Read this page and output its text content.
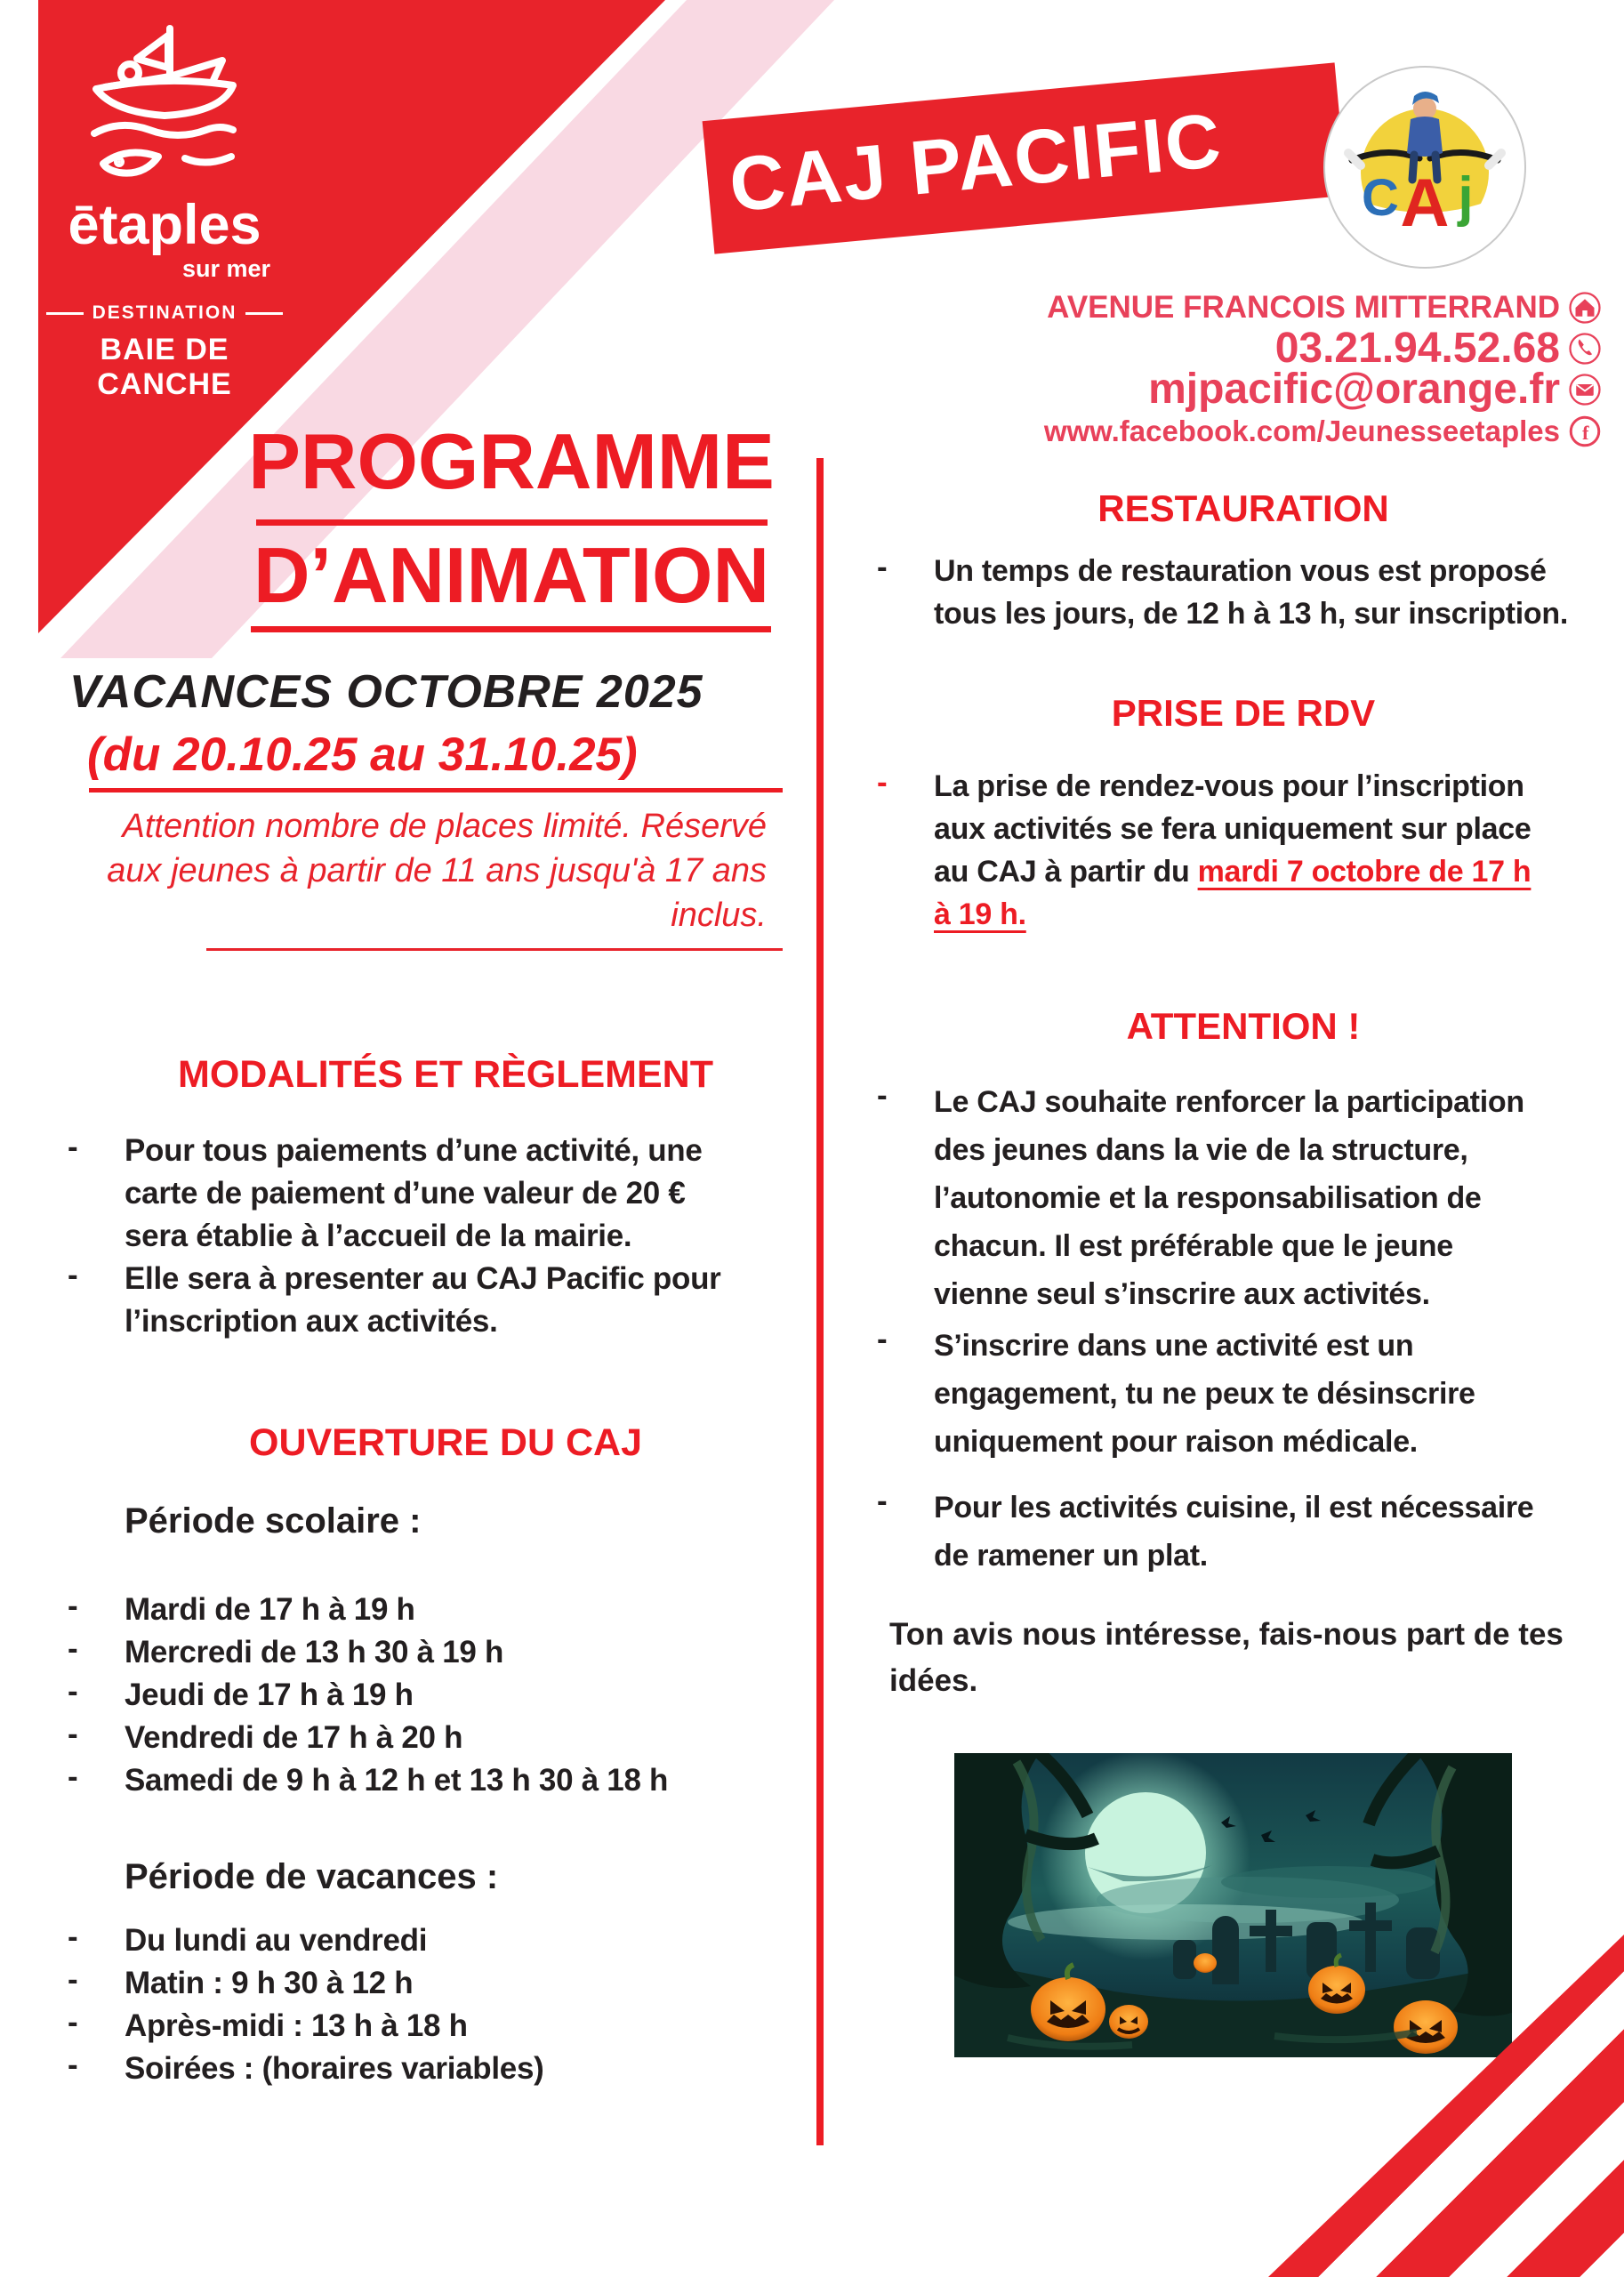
ētaples
sur mer
DESTINATION
BAIE DE CANCHE
CAJ PACIFIC	C A j
AVENUE FRANCOIS MITTERRAND
03.21.94.52.68
mjpacific@orange.fr
www.facebook.com/Jeunesseetaples f
PROGRAMME
D’ANIMATION
VACANCES OCTOBRE 2025
(du 20.10.25 au 31.10.25)
Attention nombre de places limité. Réservé
aux jeunes à partir de 11 ans jusqu'à 17 ans
inclus.
MODALITÉS ET RÈGLEMENT
-	Pour tous paiements d’une activité, une
carte de paiement d’une valeur de 20 €
sera établie à l’accueil de la mairie.
-	Elle sera à presenter au CAJ Pacific pour
l’inscription aux activités.
OUVERTURE DU CAJ
Période scolaire :
-	Mardi de 17 h à 19 h
-	Mercredi de 13 h 30 à 19 h
-	Jeudi de 17 h à 19 h
-	Vendredi de 17 h à 20 h
-	Samedi de 9 h à 12 h et 13 h 30 à 18 h
Période de vacances :
-	Du lundi au vendredi
-	Matin : 9 h 30 à 12 h
-	Après-midi : 13 h à 18 h
-	Soirées : (horaires variables)
RESTAURATION
-	Un temps de restauration vous est proposé
tous les jours, de 12 h à 13 h, sur inscription.
PRISE DE RDV
-	La prise de rendez-vous pour l’inscription
aux activités se fera uniquement sur place
au CAJ à partir du mardi 7 octobre de 17 h
à 19 h.
ATTENTION !
-	Le CAJ souhaite renforcer la participation
des jeunes dans la vie de la structure,
l’autonomie et la responsabilisation de
chacun. Il est préférable que le jeune
vienne seul s’inscrire aux activités.
-	S’inscrire dans une activité est un
engagement, tu ne peux te désinscrire
uniquement pour raison médicale.
-	Pour les activités cuisine, il est nécessaire
de ramener un plat.
Ton avis nous intéresse, fais-nous part de tes
idées.
